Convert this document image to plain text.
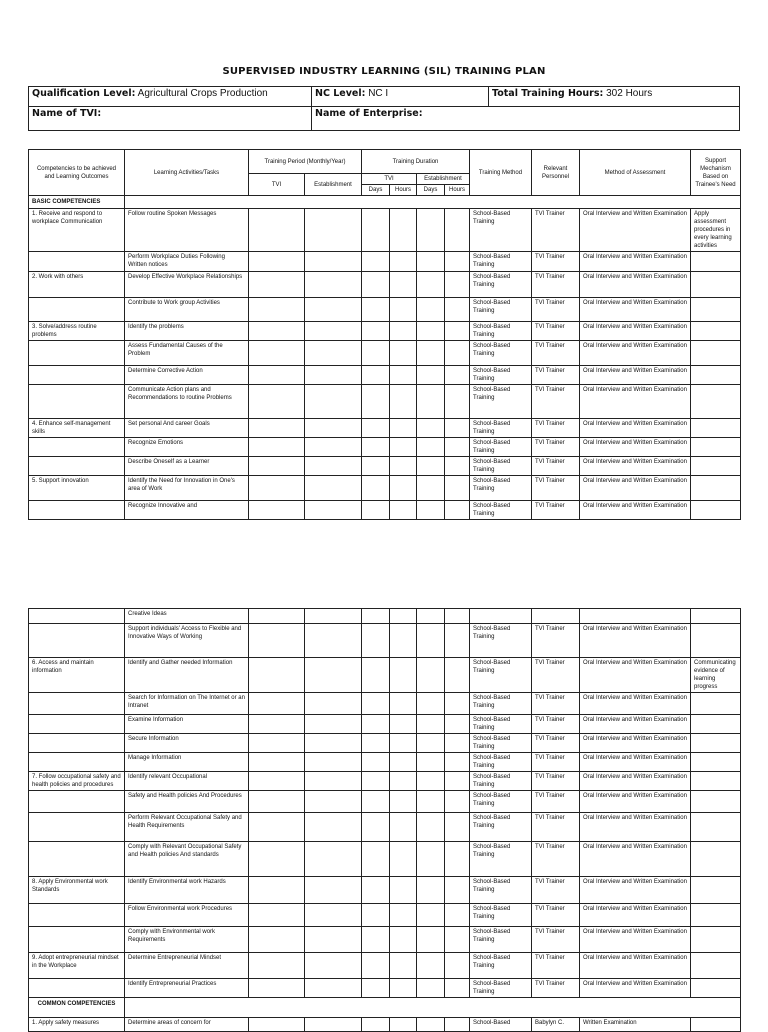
SUPERVISED INDUSTRY LEARNING (SIL) TRAINING PLAN
Qualification Level: Agricultural Crops Production	NC Level: NC I	Total Training Hours: 302 Hours
Name of TVI:	Name of Enterprise:	
Competencies to be achieved and Learning Outcomes	Learning Activities/Tasks	Training Period (Monthly/Year)		Training Duration				Training Method	Relevant Personnel	Method of Assessment	Support Mechanism Based on Trainee's Need
		TVI	Establishment	TVI		Establishment					
				Days	Hours	Days	Hours				
BASIC COMPETENCIES											
1. Receive and respond to workplace Communication	Follow routine Spoken Messages							School-Based Training	TVI Trainer	Oral Interview and Written Examination	Apply assessment procedures in every learning activities
	Perform Workplace Duties Following Written notices							School-Based Training	TVI Trainer	Oral Interview and Written Examination	
2. Work with others	Develop Effective Workplace Relationships							School-Based Training	TVI Trainer	Oral Interview and Written Examination	
	Contribute to Work group Activities							School-Based Training	TVI Trainer	Oral Interview and Written Examination	
3. Solve/address routine problems	Identify the problems							School-Based Training	TVI Trainer	Oral Interview and Written Examination	
	Assess Fundamental Causes of the Problem							School-Based Training	TVI Trainer	Oral Interview and Written Examination	
	Determine Corrective Action							School-Based Training	TVI Trainer	Oral Interview and Written Examination	
	Communicate Action plans and Recommendations to routine Problems							School-Based Training	TVI Trainer	Oral Interview and Written Examination	
4. Enhance self-management skills	Set personal And career Goals							School-Based Training	TVI Trainer	Oral Interview and Written Examination	
	Recognize Emotions							School-Based Training	TVI Trainer	Oral Interview and Written Examination	
	Describe Oneself as a Learner							School-Based Training	TVI Trainer	Oral Interview and Written Examination	
5. Support innovation	Identify the Need for Innovation in One's area of Work							School-Based Training	TVI Trainer	Oral Interview and Written Examination	
	Recognize Innovative and							School-Based Training	TVI Trainer	Oral Interview and Written Examination	
	Creative Ideas										
	Support individuals' Access to Flexible and Innovative Ways of Working							School-Based Training	TVI Trainer	Oral Interview and Written Examination	
6. Access and maintain information	Identify and Gather needed Information							School-Based Training	TVI Trainer	Oral Interview and Written Examination	Communicating evidence of learning progress
	Search for Information on The Internet or an Intranet							School-Based Training	TVI Trainer	Oral Interview and Written Examination	
	Examine Information							School-Based Training	TVI Trainer	Oral Interview and Written Examination	
	Secure Information							School-Based Training	TVI Trainer	Oral Interview and Written Examination	
	Manage Information							School-Based Training	TVI Trainer	Oral Interview and Written Examination	
7. Follow occupational safety and health policies and procedures	Identify relevant Occupational							School-Based Training	TVI Trainer	Oral Interview and Written Examination	
	Safety and Health policies And Procedures							School-Based Training	TVI Trainer	Oral Interview and Written Examination	
	Perform Relevant Occupational Safety and Health Requirements							School-Based Training	TVI Trainer	Oral Interview and Written Examination	
	Comply with Relevant Occupational Safety and Health policies And standards							School-Based Training	TVI Trainer	Oral Interview and Written Examination	
8. Apply Environmental work Standards	Identify Environmental work Hazards							School-Based Training	TVI Trainer	Oral Interview and Written Examination	
	Follow Environmental work Procedures							School-Based Training	TVI Trainer	Oral Interview and Written Examination	
	Comply with Environmental work Requirements							School-Based Training	TVI Trainer	Oral Interview and Written Examination	
9. Adopt entrepreneurial mindset in the Workplace	Determine Entrepreneurial Mindset							School-Based Training	TVI Trainer	Oral Interview and Written Examination	
	Identify Entrepreneurial Practices							School-Based Training	TVI Trainer	Oral Interview and Written Examination	
COMMON COMPETENCIES											
1. Apply safety measures	Determine areas of concern for							School-Based	Babylyn C.	Written Examination	
